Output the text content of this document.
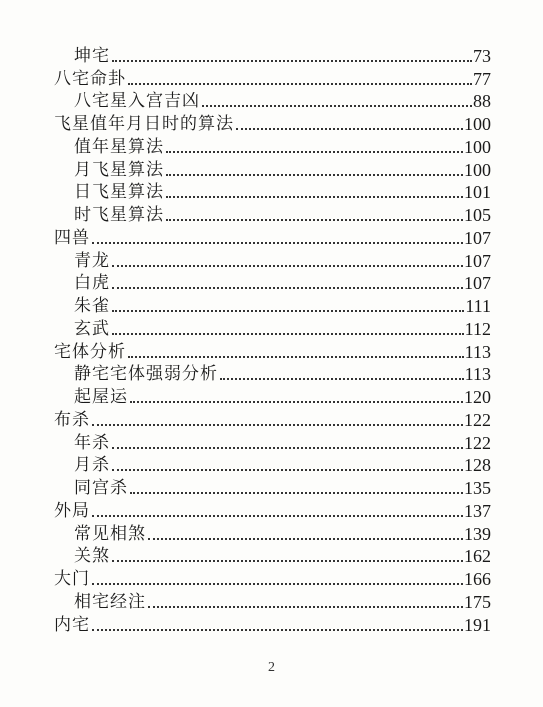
坤宅	73
八宅命卦	77
八宅星入宫吉凶	88
飞星值年月日时的算法	100
值年星算法	100
月飞星算法	100
日飞星算法	101
时飞星算法	105
四兽	107
青龙	107
白虎	107
朱雀	111
玄武	112
宅体分析	113
静宅宅体强弱分析	113
起屋运	120
布杀	122
年杀	122
月杀	128
同宫杀	135
外局	137
常见相煞	139
关煞	162
大门	166
相宅经注	175
内宅	191
2
